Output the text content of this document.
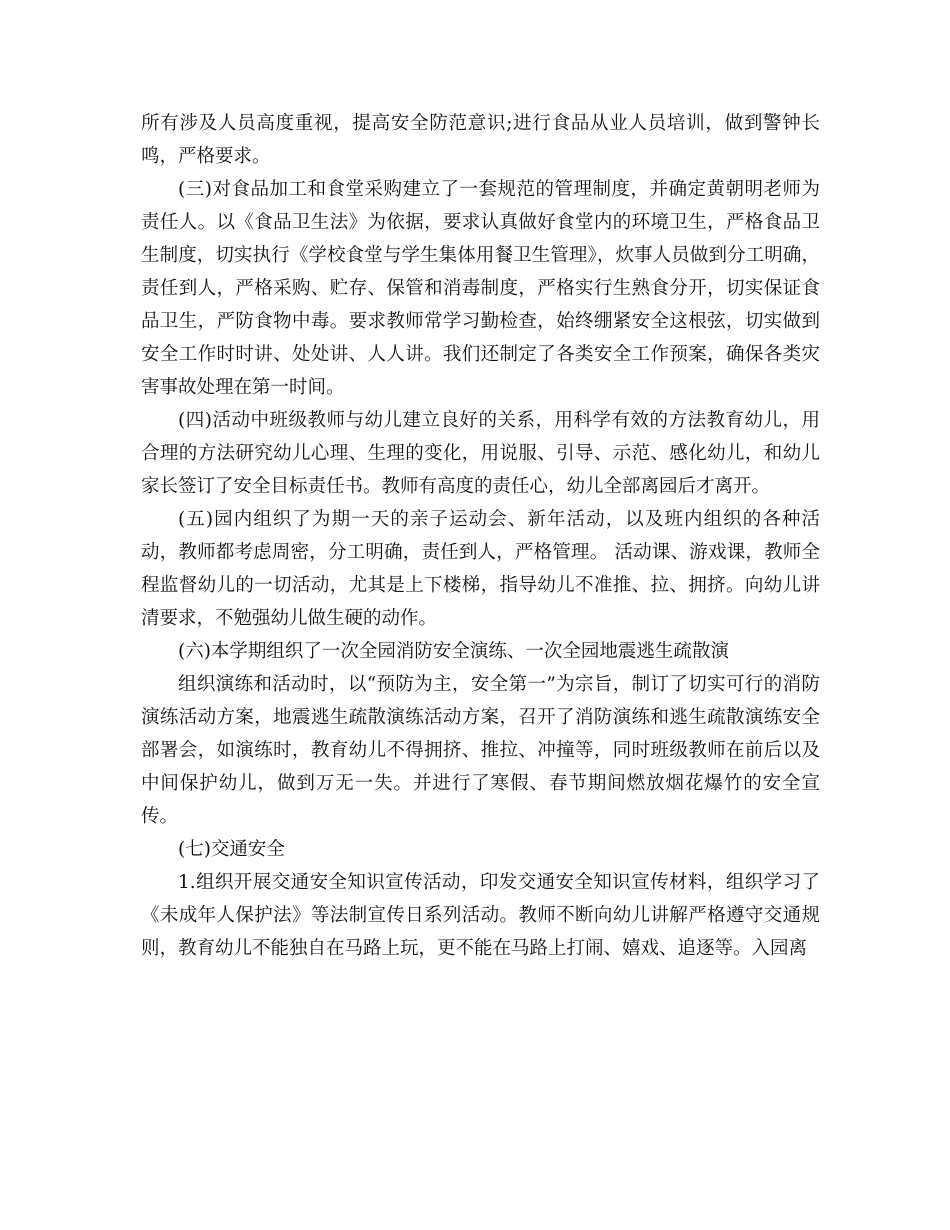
所有涉及人员高度重视，提高安全防范意识;进行食品从业人员培训，做到警钟长鸣，严格要求。

(三)对食品加工和食堂采购建立了一套规范的管理制度，并确定黄朝明老师为责任人。以《食品卫生法》为依据，要求认真做好食堂内的环境卫生，严格食品卫生制度，切实执行《学校食堂与学生集体用餐卫生管理》，炊事人员做到分工明确，责任到人，严格采购、贮存、保管和消毒制度，严格实行生熟食分开，切实保证食品卫生，严防食物中毒。要求教师常学习勤检查，始终绷紧安全这根弦，切实做到安全工作时时讲、处处讲、人人讲。我们还制定了各类安全工作预案，确保各类灾害事故处理在第一时间。

(四)活动中班级教师与幼儿建立良好的关系，用科学有效的方法教育幼儿，用合理的方法研究幼儿心理、生理的变化，用说服、引导、示范、感化幼儿，和幼儿家长签订了安全目标责任书。教师有高度的责任心，幼儿全部离园后才离开。

(五)园内组织了为期一天的亲子运动会、新年活动，以及班内组织的各种活动，教师都考虑周密，分工明确，责任到人，严格管理。 活动课、游戏课，教师全程监督幼儿的一切活动，尤其是上下楼梯，指导幼儿不准推、拉、拥挤。向幼儿讲清要求，不勉强幼儿做生硬的动作。

(六)本学期组织了一次全园消防安全演练、一次全园地震逃生疏散演

组织演练和活动时，以“预防为主，安全第一”为宗旨，制订了切实可行的消防演练活动方案，地震逃生疏散演练活动方案，召开了消防演练和逃生疏散演练安全部署会，如演练时，教育幼儿不得拥挤、推拉、冲撞等，同时班级教师在前后以及中间保护幼儿，做到万无一失。并进行了寒假、春节期间燃放烟花爆竹的安全宣传。

(七)交通安全

1.组织开展交通安全知识宣传活动，印发交通安全知识宣传材料，组织学习了《未成年人保护法》等法制宣传日系列活动。教师不断向幼儿讲解严格遵守交通规则，教育幼儿不能独自在马路上玩，更不能在马路上打闹、嬉戏、追逐等。入园离
